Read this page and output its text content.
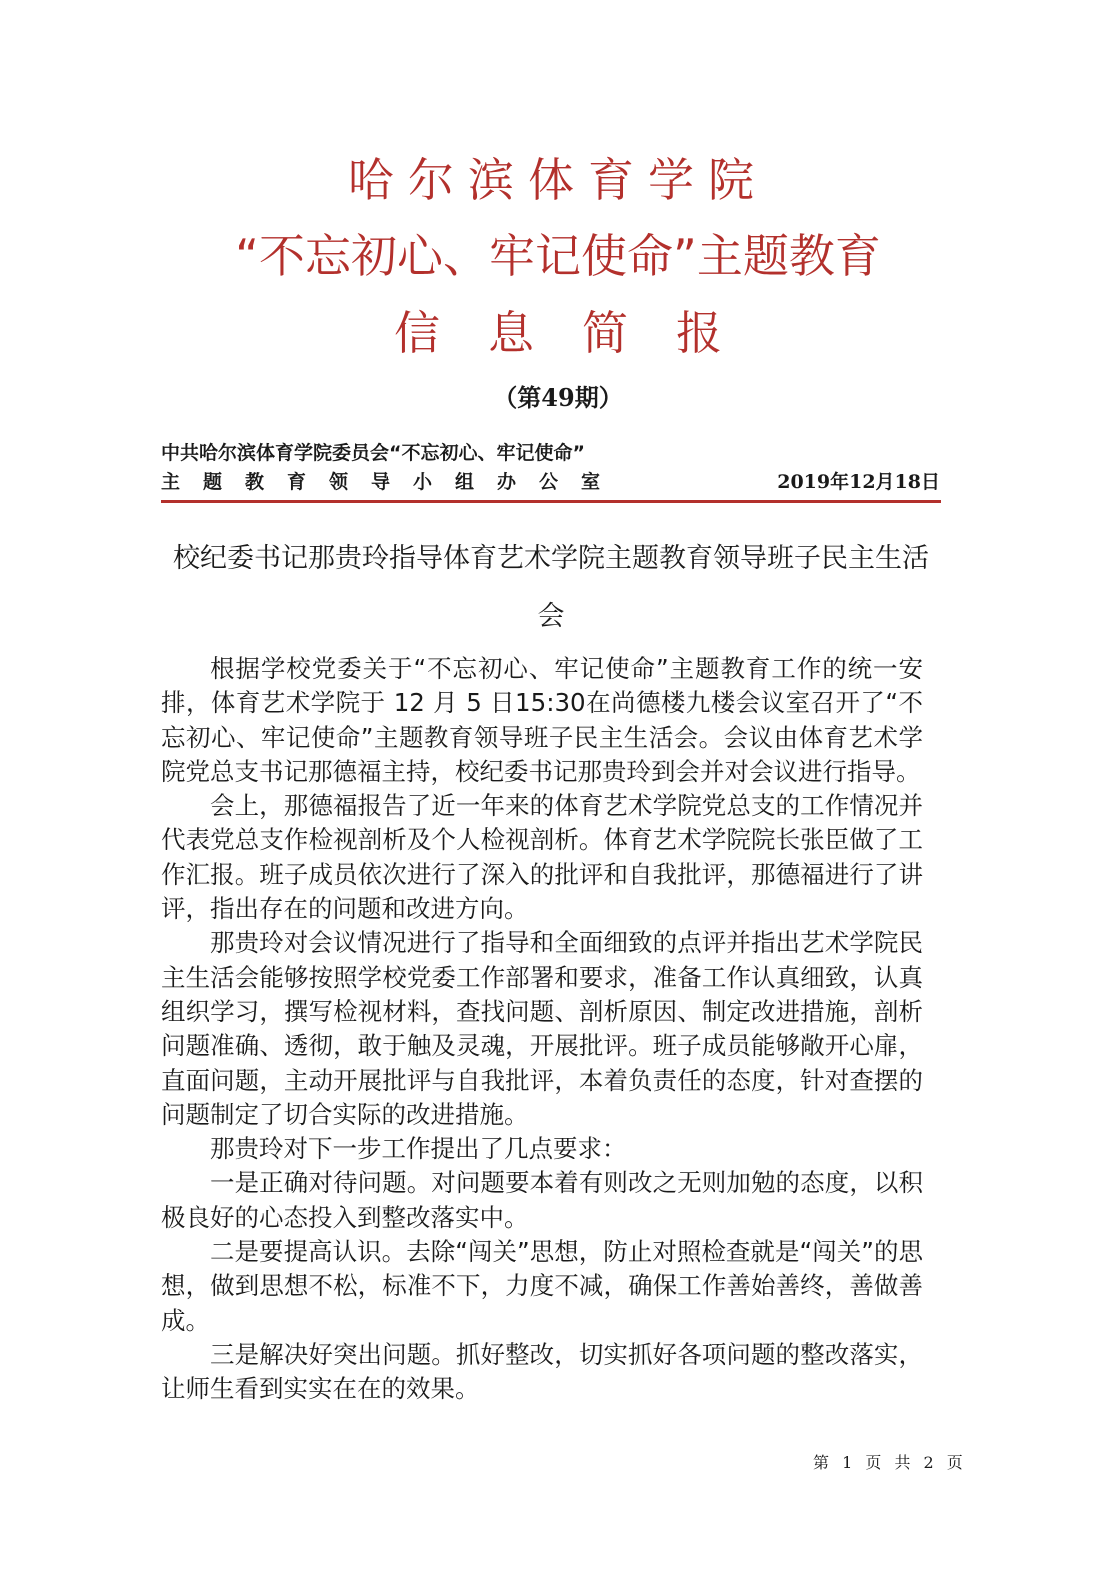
哈尔滨体育学院
“不忘初心、牢记使命”主题教育
信 息 简 报
（第49期）
中共哈尔滨体育学院委员会“不忘初心、牢记使命”
主题教育领导小组办公室	2019年12月18日
校纪委书记那贵玲指导体育艺术学院主题教育领导班子民主生活会

根据学校党委关于“不忘初心、牢记使命”主题教育工作的统一安排，体育艺术学院于 12 月 5 日15:30在尚德楼九楼会议室召开了“不忘初心、牢记使命”主题教育领导班子民主生活会。会议由体育艺术学院党总支书记那德福主持，校纪委书记那贵玲到会并对会议进行指导。

会上，那德福报告了近一年来的体育艺术学院党总支的工作情况并代表党总支作检视剖析及个人检视剖析。体育艺术学院院长张臣做了工作汇报。班子成员依次进行了深入的批评和自我批评，那德福进行了讲评，指出存在的问题和改进方向。

那贵玲对会议情况进行了指导和全面细致的点评并指出艺术学院民主生活会能够按照学校党委工作部署和要求，准备工作认真细致，认真组织学习，撰写检视材料，查找问题、剖析原因、制定改进措施，剖析问题准确、透彻，敢于触及灵魂，开展批评。班子成员能够敞开心扉，直面问题，主动开展批评与自我批评，本着负责任的态度，针对查摆的问题制定了切合实际的改进措施。

那贵玲对下一步工作提出了几点要求：

一是正确对待问题。对问题要本着有则改之无则加勉的态度，以积极良好的心态投入到整改落实中。

二是要提高认识。去除“闯关”思想，防止对照检查就是“闯关”的思想，做到思想不松，标准不下，力度不减，确保工作善始善终，善做善成。

三是解决好突出问题。抓好整改，切实抓好各项问题的整改落实，让师生看到实实在在的效果。

第 1 页 共 2 页
